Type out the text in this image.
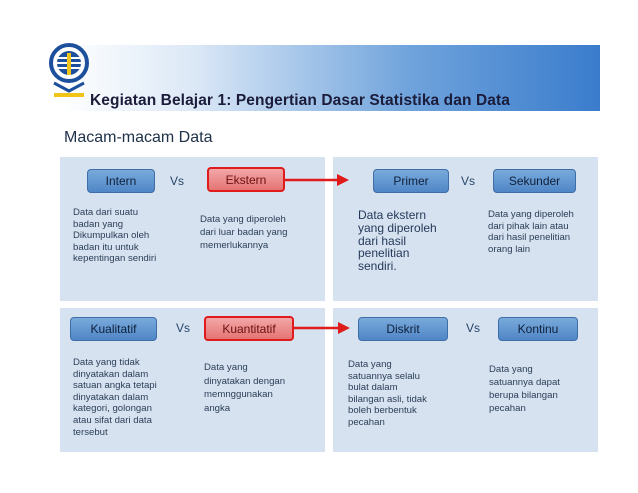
Kegiatan Belajar 1: Pengertian Dasar Statistika dan Data
Macam-macam Data
Intern	Vs	Ekstern
Data dari suatu
badan yang
Dikumpulkan oleh
badan itu untuk
kepentingan sendiri
Data yang diperoleh
dari luar badan yang
memerlukannya
Primer	Vs	Sekunder
Data ekstern
yang diperoleh
dari hasil
penelitian
sendiri.
Data yang diperoleh
dari pihak lain atau
dari hasil penelitian
orang lain
Kualitatif	Vs	Kuantitatif
Data yang tidak
dinyatakan dalam
satuan angka tetapi
dinyatakan dalam
kategori, golongan
atau sifat dari data
tersebut
Data yang
dinyatakan dengan
memnggunakan
angka
Diskrit	Vs	Kontinu
Data yang
satuannya selalu
bulat dalam
bilangan asli, tidak
boleh berbentuk
pecahan
Data yang
satuannya dapat
berupa bilangan
pecahan
